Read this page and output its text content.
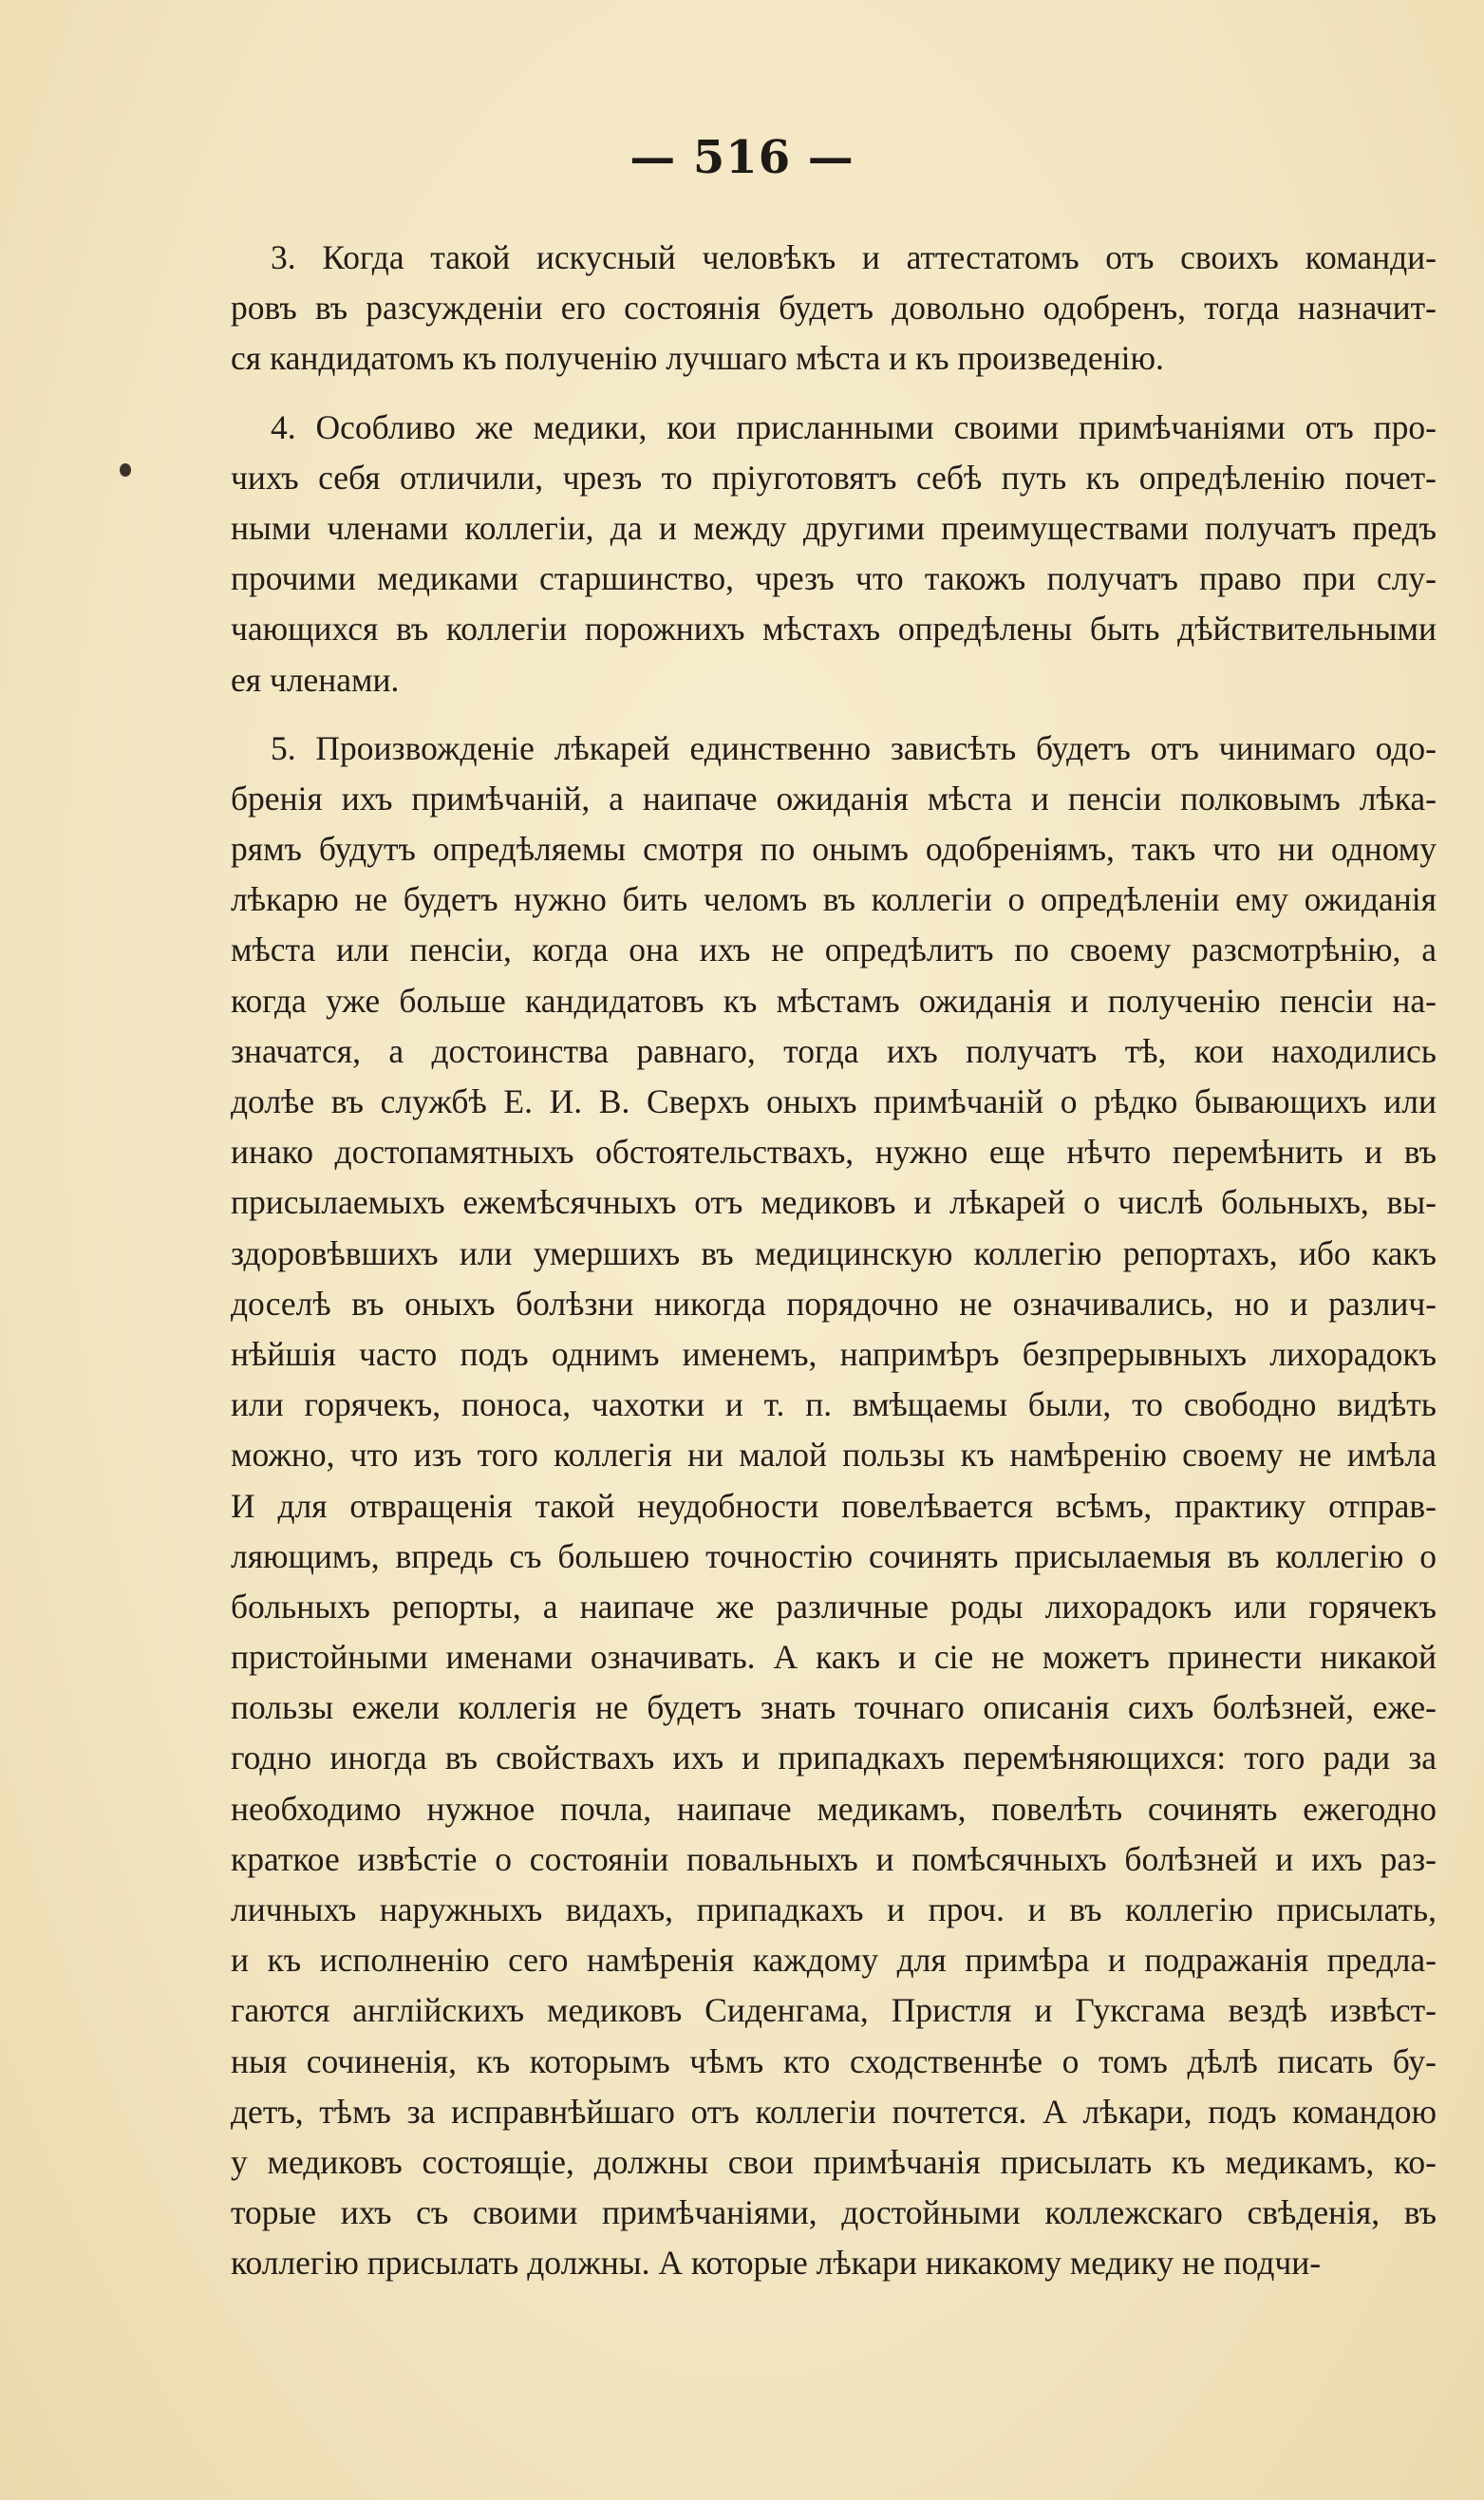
— 516 —
3. Когда такой искусный человѣкъ и аттестатомъ отъ своихъ команди-
ровъ въ разсужденіи его состоянія будетъ довольно одобренъ, тогда назначит-
ся кандидатомъ къ полученію лучшаго мѣста и къ произведенію.
4. Особливо же медики, кои присланными своими примѣчаніями отъ про-
чихъ себя отличили, чрезъ то пріуготовятъ себѣ путь къ опредѣленію почет-
ными членами коллегіи, да и между другими преимуществами получатъ предъ
прочими медиками старшинство, чрезъ что такожъ получатъ право при слу-
чающихся въ коллегіи порожнихъ мѣстахъ опредѣлены быть дѣйствительными
ея членами.
5. Произвожденіе лѣкарей единственно зависѣть будетъ отъ чинимаго одо-
бренія ихъ примѣчаній, а наипаче ожиданія мѣста и пенсіи полковымъ лѣка-
рямъ будутъ опредѣляемы смотря по онымъ одобреніямъ, такъ что ни одному
лѣкарю не будетъ нужно бить челомъ въ коллегіи о опредѣленіи ему ожиданія
мѣста или пенсіи, когда она ихъ не опредѣлитъ по своему разсмотрѣнію, а
когда уже больше кандидатовъ къ мѣстамъ ожиданія и полученію пенсіи на-
значатся, а достоинства равнаго, тогда ихъ получатъ тѣ, кои находились
долѣе въ службѣ Е. И. В. Сверхъ оныхъ примѣчаній о рѣдко бывающихъ или
инако достопамятныхъ обстоятельствахъ, нужно еще нѣчто перемѣнить и въ
присылаемыхъ ежемѣсячныхъ отъ медиковъ и лѣкарей о числѣ больныхъ, вы-
здоровѣвшихъ или умершихъ въ медицинскую коллегію репортахъ, ибо какъ
доселѣ въ оныхъ болѣзни никогда порядочно не означивались, но и различ-
нѣйшія часто подъ однимъ именемъ, напримѣръ безпрерывныхъ лихорадокъ
или горячекъ, поноса, чахотки и т. п. вмѣщаемы были, то свободно видѣть
можно, что изъ того коллегія ни малой пользы къ намѣренію своему не имѣла
И для отвращенія такой неудобности повелѣвается всѣмъ, практику отправ-
ляющимъ, впредь съ большею точностію сочинять присылаемыя въ коллегію о
больныхъ репорты, а наипаче же различные роды лихорадокъ или горячекъ
пристойными именами означивать. А какъ и сіе не можетъ принести никакой
пользы ежели коллегія не будетъ знать точнаго описанія сихъ болѣзней, еже-
годно иногда въ свойствахъ ихъ и припадкахъ перемѣняющихся: того ради за
необходимо нужное почла, наипаче медикамъ, повелѣть сочинять ежегодно
краткое извѣстіе о состояніи повальныхъ и помѣсячныхъ болѣзней и ихъ раз-
личныхъ наружныхъ видахъ, припадкахъ и проч. и въ коллегію присылать,
и къ исполненію сего намѣренія каждому для примѣра и подражанія предла-
гаются англійскихъ медиковъ Сиденгама, Пристля и Гуксгама вездѣ извѣст-
ныя сочиненія, къ которымъ чѣмъ кто сходственнѣе о томъ дѣлѣ писать бу-
детъ, тѣмъ за исправнѣйшаго отъ коллегіи почтется. А лѣкари, подъ командою
у медиковъ состоящіе, должны свои примѣчанія присылать къ медикамъ, ко-
торые ихъ съ своими примѣчаніями, достойными коллежскаго свѣденія, въ
коллегію присылать должны. А которые лѣкари никакому медику не подчи-
